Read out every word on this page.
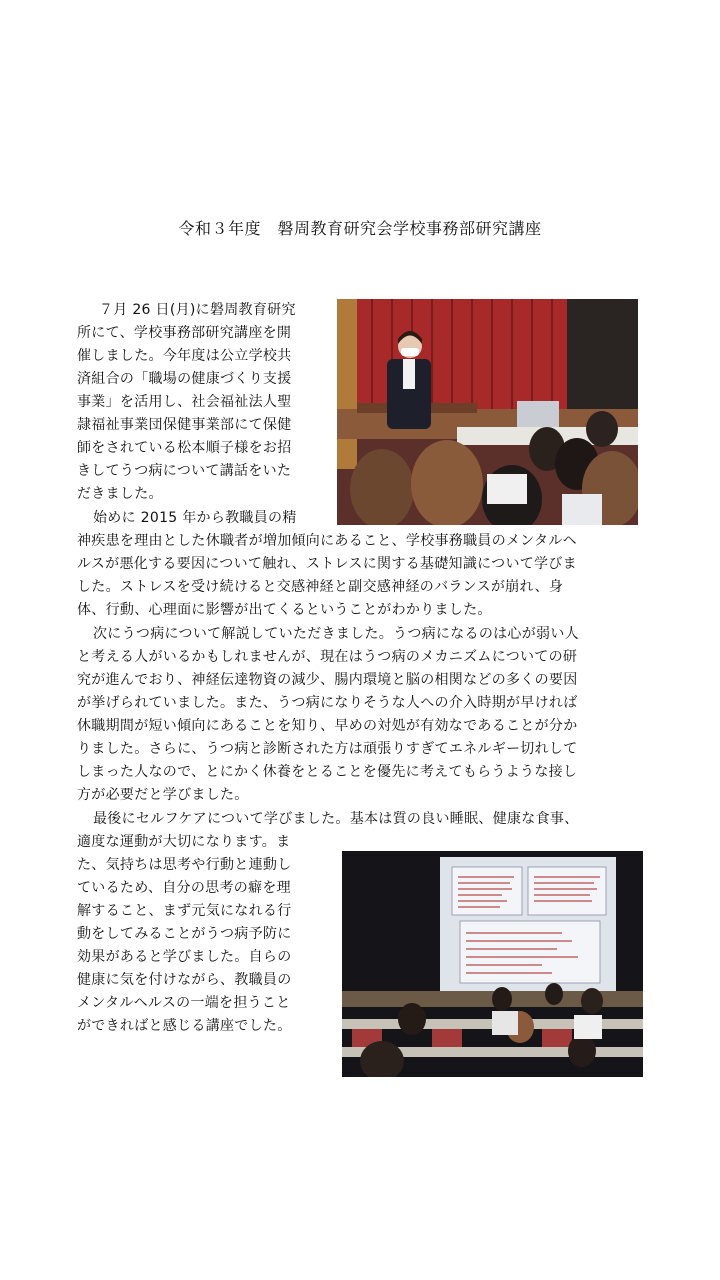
令和３年度　磐周教育研究会学校事務部研究講座
７月 26 日(月)に磐周教育研究
所にて、学校事務部研究講座を開
催しました。今年度は公立学校共
済組合の「職場の健康づくり支援
事業」を活用し、社会福祉法人聖
隷福祉事業団保健事業部にて保健
師をされている松本順子様をお招
きしてうつ病について講話をいた
だきました。
始めに 2015 年から教職員の精
神疾患を理由とした休職者が増加傾向にあること、学校事務職員のメンタルヘ
ルスが悪化する要因について触れ、ストレスに関する基礎知識について学びま
した。ストレスを受け続けると交感神経と副交感神経のバランスが崩れ、身
体、行動、心理面に影響が出てくるということがわかりました。
次にうつ病について解説していただきました。うつ病になるのは心が弱い人
と考える人がいるかもしれませんが、現在はうつ病のメカニズムについての研
究が進んでおり、神経伝達物資の減少、腸内環境と脳の相関などの多くの要因
が挙げられていました。また、うつ病になりそうな人への介入時期が早ければ
休職期間が短い傾向にあることを知り、早めの対処が有効なであることが分か
りました。さらに、うつ病と診断された方は頑張りすぎてエネルギー切れして
しまった人なので、とにかく休養をとることを優先に考えてもらうような接し
方が必要だと学びました。
最後にセルフケアについて学びました。基本は質の良い睡眠、健康な食事、
適度な運動が大切になります。ま
た、気持ちは思考や行動と連動し
ているため、自分の思考の癖を理
解すること、まず元気になれる行
動をしてみることがうつ病予防に
効果があると学びました。自らの
健康に気を付けながら、教職員の
メンタルヘルスの一端を担うこと
ができればと感じる講座でした。
